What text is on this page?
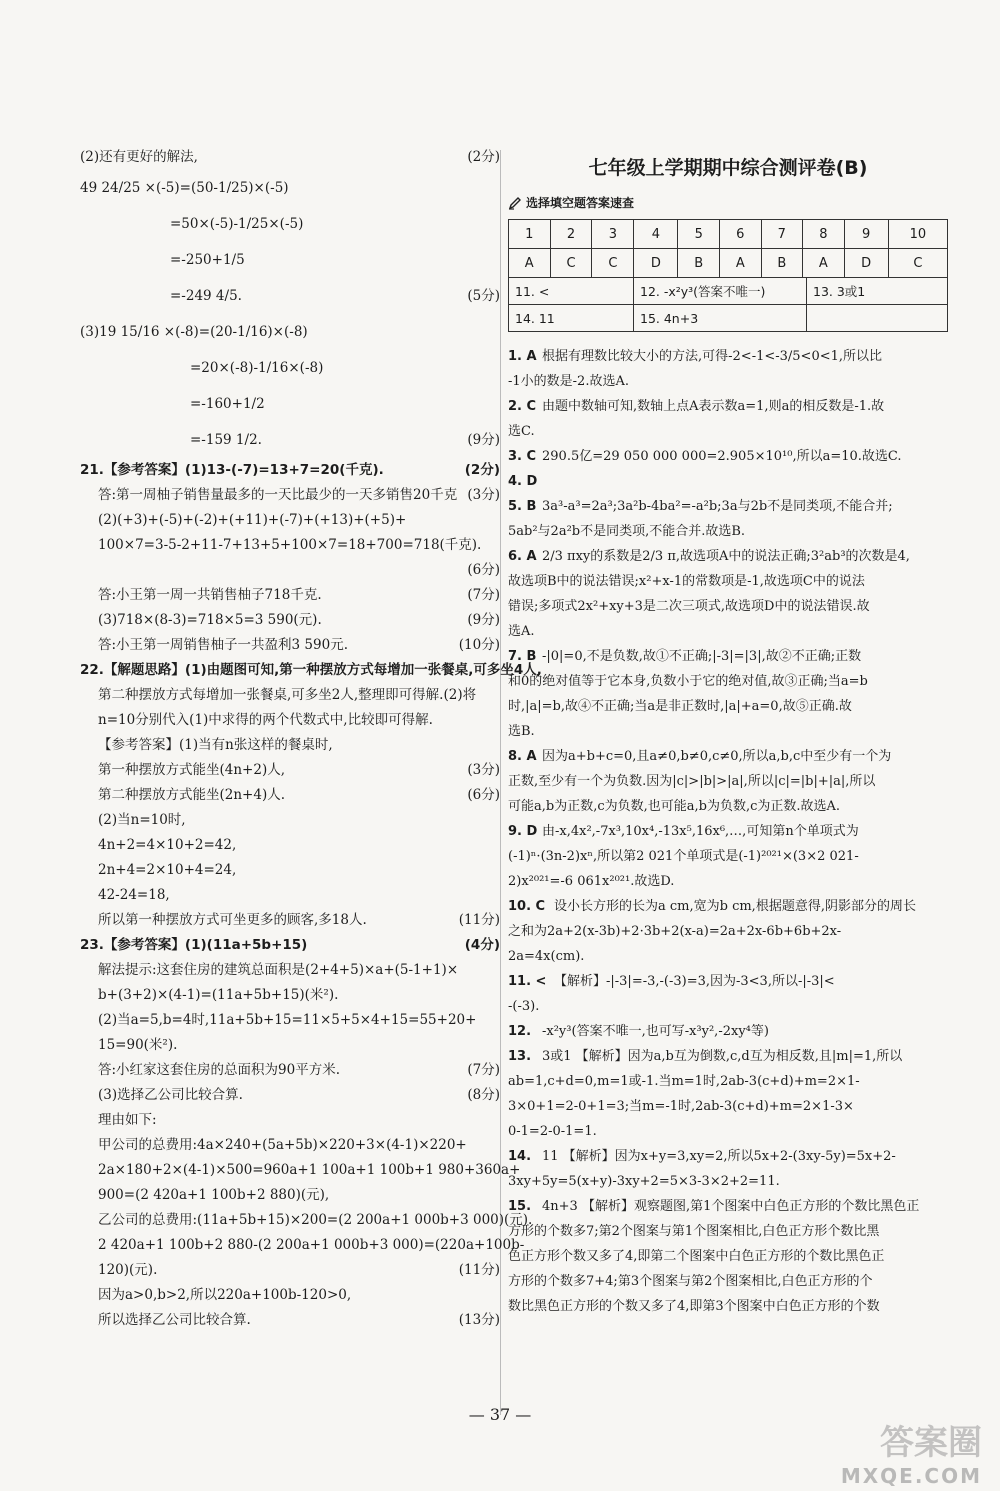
(2)还有更好的解法,	(2分)
49 24/25 ×(-5)=(50-1/25)×(-5)
=50×(-5)-1/25×(-5)
=-250+1/5
=-249 4/5.	(5分)
(3)19 15/16 ×(-8)=(20-1/16)×(-8)
=20×(-8)-1/16×(-8)
=-160+1/2
=-159 1/2.	(9分)
21.【参考答案】(1)13-(-7)=13+7=20(千克).	(2分)
答:第一周柚子销售量最多的一天比最少的一天多销售20千克 (3分)
(2)(+3)+(-5)+(-2)+(+11)+(-7)+(+13)+(+5)+
100×7=3-5-2+11-7+13+5+100×7=18+700=718(千克).
(6分)
答:小王第一周一共销售柚子718千克.	(7分)
(3)718×(8-3)=718×5=3 590(元).	(9分)
答:小王第一周销售柚子一共盈利3 590元.	(10分)
22.【解题思路】(1)由题图可知,第一种摆放方式每增加一张餐桌,可多坐4人,
第二种摆放方式每增加一张餐桌,可多坐2人,整理即可得解.(2)将
n=10分别代入(1)中求得的两个代数式中,比较即可得解.
【参考答案】(1)当有n张这样的餐桌时,
第一种摆放方式能坐(4n+2)人,	(3分)
第二种摆放方式能坐(2n+4)人.	(6分)
(2)当n=10时,
4n+2=4×10+2=42,
2n+4=2×10+4=24,
42-24=18,
所以第一种摆放方式可坐更多的顾客,多18人.	(11分)
23.【参考答案】(1)(11a+5b+15)	(4分)
解法提示:这套住房的建筑总面积是(2+4+5)×a+(5-1+1)×
b+(3+2)×(4-1)=(11a+5b+15)(米²).
(2)当a=5,b=4时,11a+5b+15=11×5+5×4+15=55+20+
15=90(米²).
答:小红家这套住房的总面积为90平方米.	(7分)
(3)选择乙公司比较合算.	(8分)
理由如下:
甲公司的总费用:4a×240+(5a+5b)×220+3×(4-1)×220+
2a×180+2×(4-1)×500=960a+1 100a+1 100b+1 980+360a+
900=(2 420a+1 100b+2 880)(元),
乙公司的总费用:(11a+5b+15)×200=(2 200a+1 000b+3 000)(元).
2 420a+1 100b+2 880-(2 200a+1 000b+3 000)=(220a+100b-
120)(元).	(11分)
因为a>0,b>2,所以220a+100b-120>0,
所以选择乙公司比较合算.	(13分)
七年级上学期期中综合测评卷(B)
选择填空题答案速查
1	2	3	4	5	6	7	8	9	10
A	C	C	D	B	A	B	A	D	C
11. <	12. -x²y³(答案不唯一)	13. 3或1
14. 11	15. 4n+3	
1. A 根据有理数比较大小的方法,可得-2<-1<-3/5<0<1,所以比
-1小的数是-2.故选A.
2. C 由题中数轴可知,数轴上点A表示数a=1,则a的相反数是-1.故
选C.
3. C 290.5亿=29 050 000 000=2.905×10¹⁰,所以a=10.故选C.
4. D
5. B 3a³-a³=2a³;3a²b-4ba²=-a²b;3a与2b不是同类项,不能合并;
5ab²与2a²b不是同类项,不能合并.故选B.
6. A 2/3 πxy的系数是2/3 π,故选项A中的说法正确;3²ab³的次数是4,
故选项B中的说法错误;x²+x-1的常数项是-1,故选项C中的说法
错误;多项式2x²+xy+3是二次三项式,故选项D中的说法错误.故
选A.
7. B -|0|=0,不是负数,故①不正确;|-3|=|3|,故②不正确;正数
和0的绝对值等于它本身,负数小于它的绝对值,故③正确;当a=b
时,|a|=b,故④不正确;当a是非正数时,|a|+a=0,故⑤正确.故
选B.
8. A 因为a+b+c=0,且a≠0,b≠0,c≠0,所以a,b,c中至少有一个为
正数,至少有一个为负数.因为|c|>|b|>|a|,所以|c|=|b|+|a|,所以
可能a,b为正数,c为负数,也可能a,b为负数,c为正数.故选A.
9. D 由-x,4x²,-7x³,10x⁴,-13x⁵,16x⁶,…,可知第n个单项式为
(-1)ⁿ·(3n-2)xⁿ,所以第2 021个单项式是(-1)²⁰²¹×(3×2 021-
2)x²⁰²¹=-6 061x²⁰²¹.故选D.
10. C 设小长方形的长为a cm,宽为b cm,根据题意得,阴影部分的周长
之和为2a+2(x-3b)+2·3b+2(x-a)=2a+2x-6b+6b+2x-
2a=4x(cm).
11. < 【解析】-|-3|=-3,-(-3)=3,因为-3<3,所以-|-3|<
-(-3).
12. -x²y³(答案不唯一,也可写-x³y²,-2xy⁴等)
13. 3或1 【解析】因为a,b互为倒数,c,d互为相反数,且|m|=1,所以
ab=1,c+d=0,m=1或-1.当m=1时,2ab-3(c+d)+m=2×1-
3×0+1=2-0+1=3;当m=-1时,2ab-3(c+d)+m=2×1-3×
0-1=2-0-1=1.
14. 11 【解析】因为x+y=3,xy=2,所以5x+2-(3xy-5y)=5x+2-
3xy+5y=5(x+y)-3xy+2=5×3-3×2+2=11.
15. 4n+3 【解析】观察题图,第1个图案中白色正方形的个数比黑色正
方形的个数多7;第2个图案与第1个图案相比,白色正方形个数比黑
色正方形个数又多了4,即第二个图案中白色正方形的个数比黑色正
方形的个数多7+4;第3个图案与第2个图案相比,白色正方形的个
数比黑色正方形的个数又多了4,即第3个图案中白色正方形的个数
— 37 —
答案圈
MXQE.COM
